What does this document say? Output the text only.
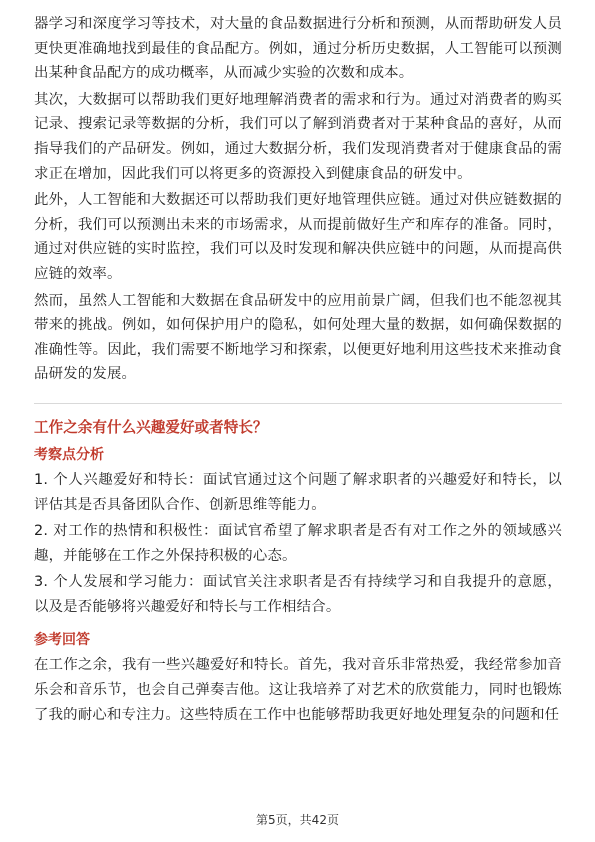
器学习和深度学习等技术，对大量的食品数据进行分析和预测，从而帮助研发人员更快更准确地找到最佳的食品配方。例如，通过分析历史数据，人工智能可以预测出某种食品配方的成功概率，从而减少实验的次数和成本。

其次，大数据可以帮助我们更好地理解消费者的需求和行为。通过对消费者的购买记录、搜索记录等数据的分析，我们可以了解到消费者对于某种食品的喜好，从而指导我们的产品研发。例如，通过大数据分析，我们发现消费者对于健康食品的需求正在增加，因此我们可以将更多的资源投入到健康食品的研发中。

此外，人工智能和大数据还可以帮助我们更好地管理供应链。通过对供应链数据的分析，我们可以预测出未来的市场需求，从而提前做好生产和库存的准备。同时，通过对供应链的实时监控，我们可以及时发现和解决供应链中的问题，从而提高供应链的效率。

然而，虽然人工智能和大数据在食品研发中的应用前景广阔，但我们也不能忽视其带来的挑战。例如，如何保护用户的隐私，如何处理大量的数据，如何确保数据的准确性等。因此，我们需要不断地学习和探索，以便更好地利用这些技术来推动食品研发的发展。

工作之余有什么兴趣爱好或者特长？
考察点分析

1. 个人兴趣爱好和特长：面试官通过这个问题了解求职者的兴趣爱好和特长，以评估其是否具备团队合作、创新思维等能力。

2. 对工作的热情和积极性：面试官希望了解求职者是否有对工作之外的领域感兴趣，并能够在工作之外保持积极的心态。

3. 个人发展和学习能力：面试官关注求职者是否有持续学习和自我提升的意愿，以及是否能够将兴趣爱好和特长与工作相结合。

参考回答

在工作之余，我有一些兴趣爱好和特长。首先，我对音乐非常热爱，我经常参加音乐会和音乐节，也会自己弹奏吉他。这让我培养了对艺术的欣赏能力，同时也锻炼了我的耐心和专注力。这些特质在工作中也能够帮助我更好地处理复杂的问题和任

第5页，共42页
